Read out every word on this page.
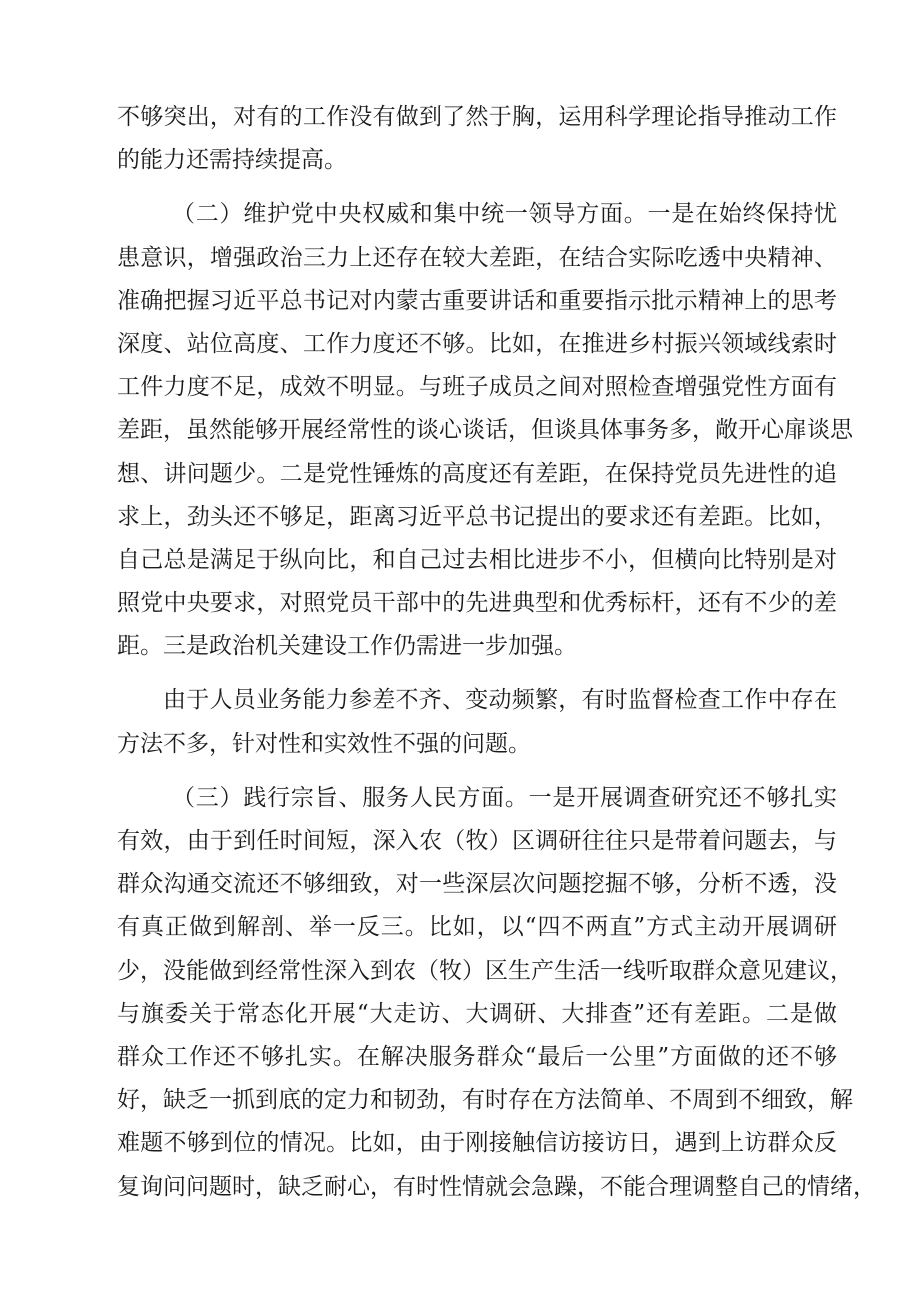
不够突出，对有的工作没有做到了然于胸，运用科学理论指导推动工作
的能力还需持续提高。
（二）维护党中央权威和集中统一领导方面。一是在始终保持忧
患意识，增强政治三力上还存在较大差距，在结合实际吃透中央精神、
准确把握习近平总书记对内蒙古重要讲话和重要指示批示精神上的思考
深度、站位高度、工作力度还不够。比如，在推进乡村振兴领域线索时
工件力度不足，成效不明显。与班子成员之间对照检查增强党性方面有
差距，虽然能够开展经常性的谈心谈话，但谈具体事务多，敞开心扉谈思
想、讲问题少。二是党性锤炼的高度还有差距，在保持党员先进性的追
求上，劲头还不够足，距离习近平总书记提出的要求还有差距。比如，
自己总是满足于纵向比，和自己过去相比进步不小，但横向比特别是对
照党中央要求，对照党员干部中的先进典型和优秀标杆，还有不少的差
距。三是政治机关建设工作仍需进一步加强。
由于人员业务能力参差不齐、变动频繁，有时监督检查工作中存在
方法不多，针对性和实效性不强的问题。
（三）践行宗旨、服务人民方面。一是开展调查研究还不够扎实
有效，由于到任时间短，深入农（牧）区调研往往只是带着问题去，与
群众沟通交流还不够细致，对一些深层次问题挖掘不够，分析不透，没
有真正做到解剖、举一反三。比如，以“四不两直”方式主动开展调研
少，没能做到经常性深入到农（牧）区生产生活一线听取群众意见建议，
与旗委关于常态化开展“大走访、大调研、大排查”还有差距。二是做
群众工作还不够扎实。在解决服务群众“最后一公里”方面做的还不够
好，缺乏一抓到底的定力和韧劲，有时存在方法简单、不周到不细致，解
难题不够到位的情况。比如，由于刚接触信访接访日，遇到上访群众反
复询问问题时，缺乏耐心，有时性情就会急躁，不能合理调整自己的情绪，
